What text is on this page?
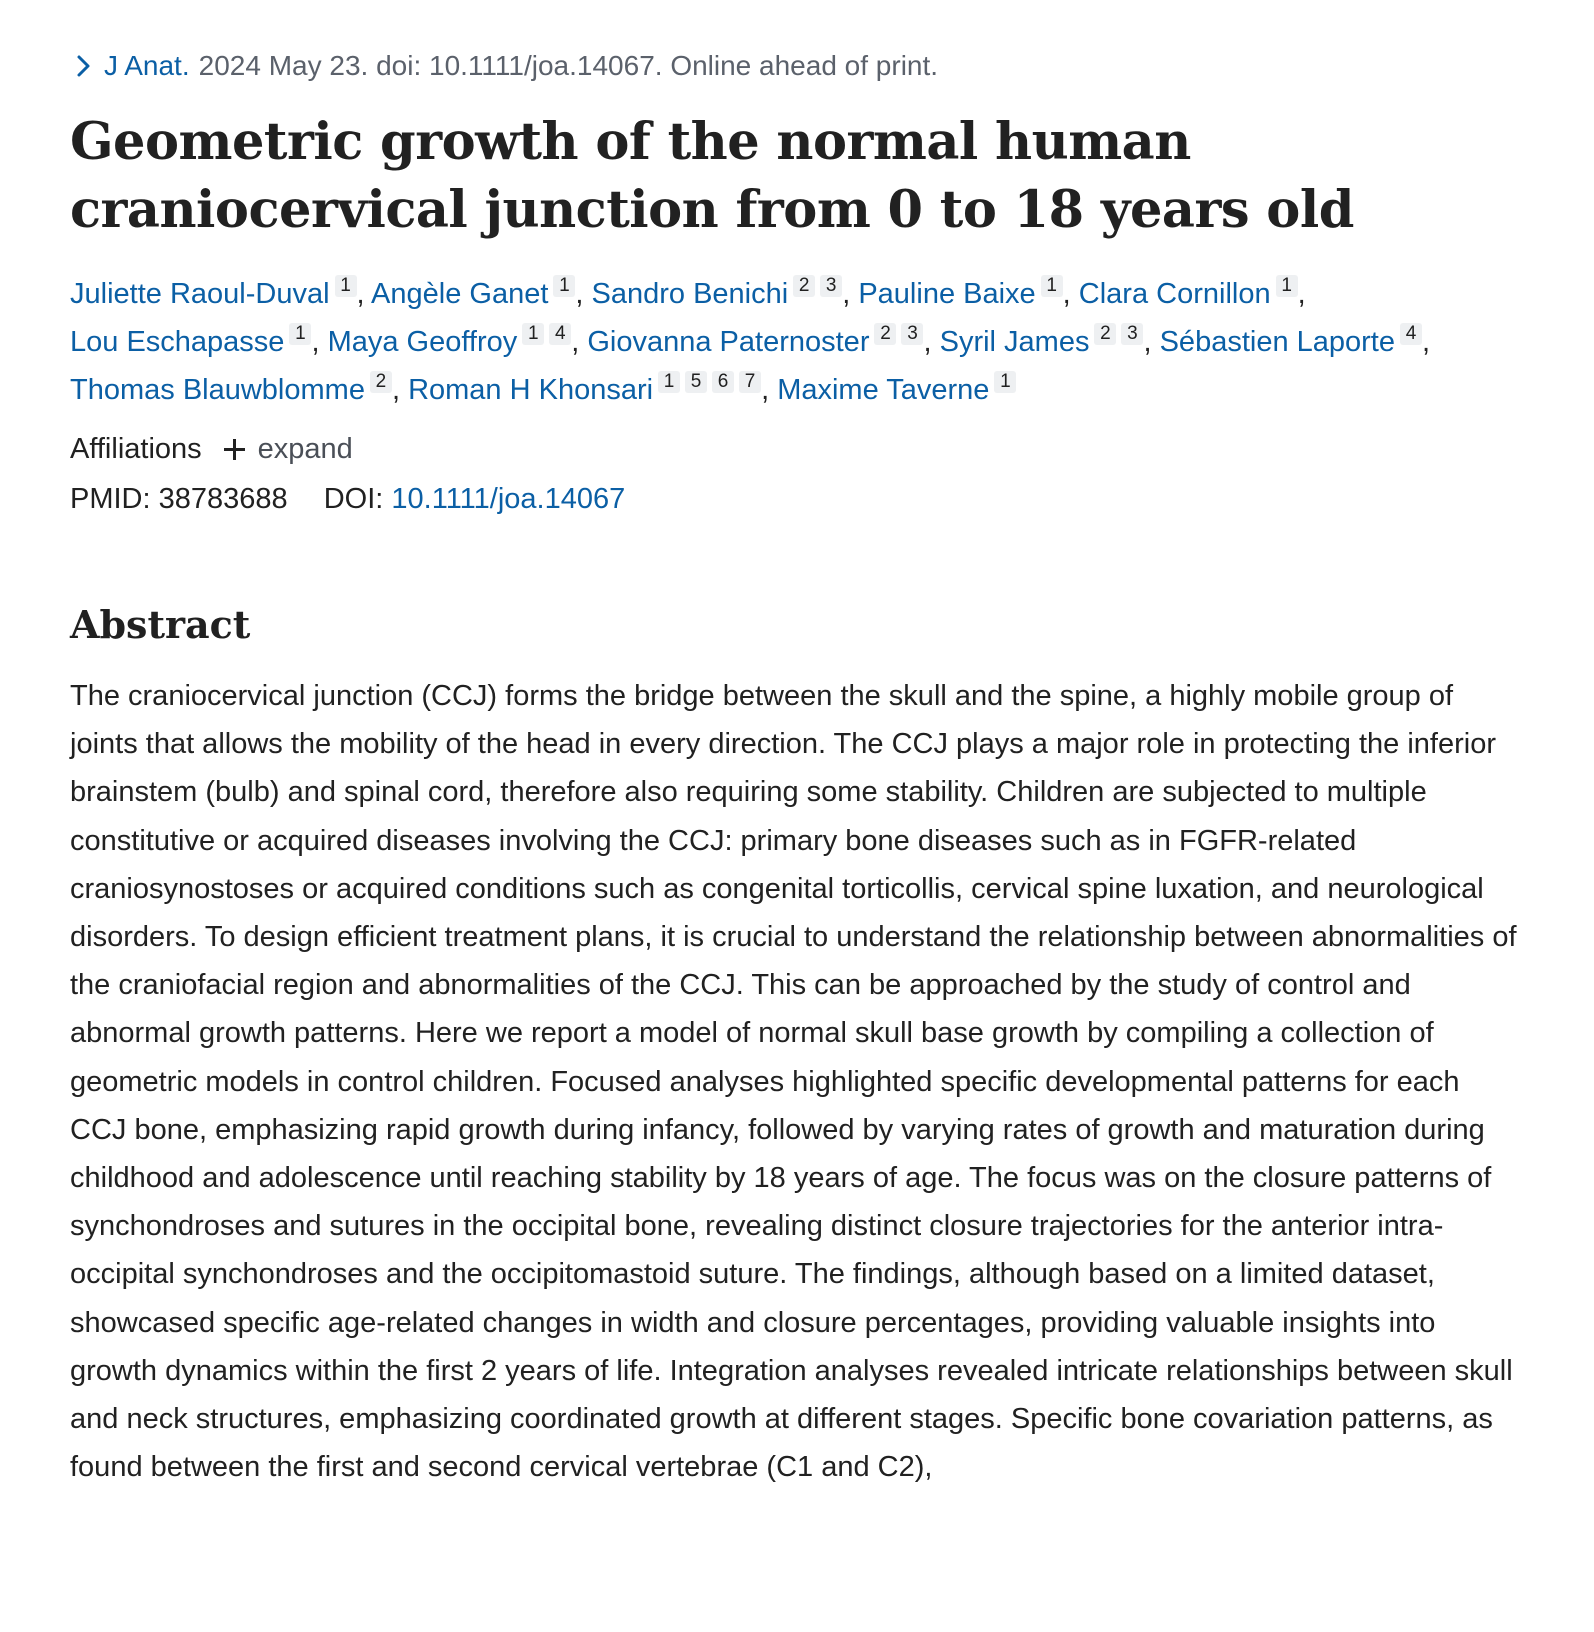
J Anat. 2024 May 23. doi: 10.1111/joa.14067. Online ahead of print.
Geometric growth of the normal human craniocervical junction from 0 to 18 years old
Juliette Raoul-Duval 1 , Angèle Ganet 1 , Sandro Benichi 2 3 , Pauline Baixe 1 , Clara Cornillon 1 , Lou Eschapasse 1 , Maya Geoffroy 1 4 , Giovanna Paternoster 2 3 , Syril James 2 3 , Sébastien Laporte 4 , Thomas Blauwblomme 2 , Roman H Khonsari 1 5 6 7 , Maxime Taverne 1
Affiliations expand
PMID: 38783688 DOI: 10.1111/joa.14067
Abstract

The craniocervical junction (CCJ) forms the bridge between the skull and the spine, a highly mobile group of joints that allows the mobility of the head in every direction. The CCJ plays a major role in protecting the inferior brainstem (bulb) and spinal cord, therefore also requiring some stability. Children are subjected to multiple constitutive or acquired diseases involving the CCJ: primary bone diseases such as in FGFR-related craniosynostoses or acquired conditions such as congenital torticollis, cervical spine luxation, and neurological disorders. To design efficient treatment plans, it is crucial to understand the relationship between abnormalities of the craniofacial region and abnormalities of the CCJ. This can be approached by the study of control and abnormal growth patterns. Here we report a model of normal skull base growth by compiling a collection of geometric models in control children. Focused analyses highlighted specific developmental patterns for each CCJ bone, emphasizing rapid growth during infancy, followed by varying rates of growth and maturation during childhood and adolescence until reaching stability by 18 years of age. The focus was on the closure patterns of synchondroses and sutures in the occipital bone, revealing distinct closure trajectories for the anterior intra-occipital synchondroses and the occipitomastoid suture. The findings, although based on a limited dataset, showcased specific age-related changes in width and closure percentages, providing valuable insights into growth dynamics within the first 2 years of life. Integration analyses revealed intricate relationships between skull and neck structures, emphasizing coordinated growth at different stages. Specific bone covariation patterns, as found between the first and second cervical vertebrae (C1 and C2),
